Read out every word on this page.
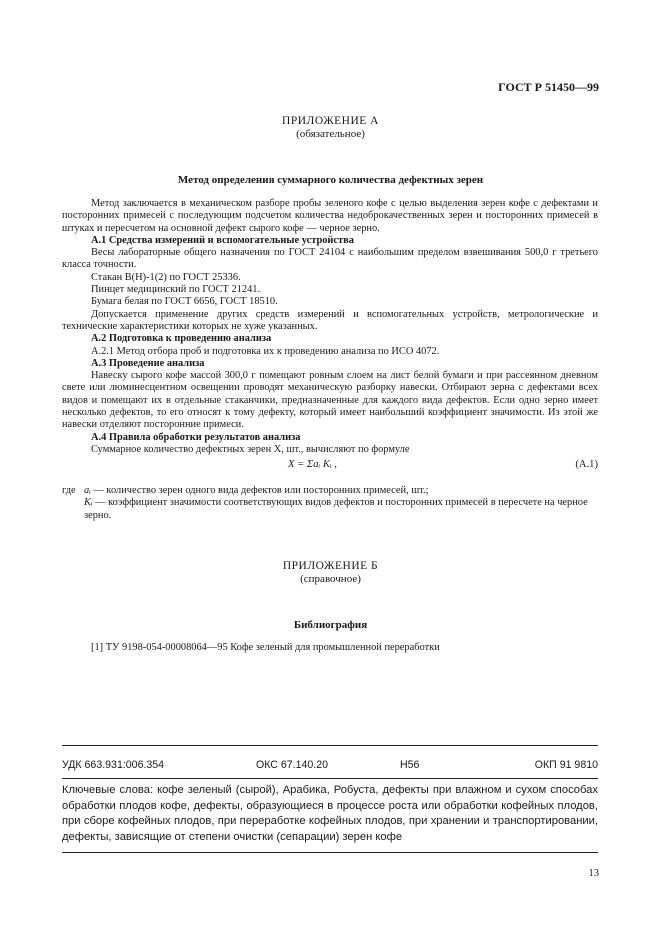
ГОСТ Р 51450—99
ПРИЛОЖЕНИЕ А
(обязательное)
Метод определения суммарного количества дефектных зерен

Метод заключается в механическом разборе пробы зеленого кофе с целью выделения зерен кофе с дефектами и посторонних примесей с последующим подсчетом количества недоброкачественных зерен и посторонних примесей в штуках и пересчетом на основной дефект сырого кофе — черное зерно.

А.1 Средства измерений и вспомогательные устройства

Весы лабораторные общего назначения по ГОСТ 24104 с наибольшим пределом взвешивания 500,0 г третьего класса точности.

Стакан В(Н)-1(2) по ГОСТ 25336.

Пинцет медицинский по ГОСТ 21241.

Бумага белая по ГОСТ 6656, ГОСТ 18510.

Допускается применение других средств измерений и вспомогательных устройств, метрологические и технические характеристики которых не хуже указанных.

А.2 Подготовка к проведению анализа

А.2.1 Метод отбора проб и подготовка их к проведению анализа по ИСО 4072.

А.3 Проведение анализа

Навеску сырого кофе массой 300,0 г помещают ровным слоем на лист белой бумаги и при рассеянном дневном свете или люминесцентном освещении проводят механическую разборку навески. Отбирают зерна с дефектами всех видов и помещают их в отдельные стаканчики, предназначенные для каждого вида дефектов. Если одно зерно имеет несколько дефектов, то его относят к тому дефекту, который имеет наибольший коэффициент значимости. Из этой же навески отделяют посторонние примеси.

А.4 Правила обработки результатов анализа

Суммарное количество дефектных зерен X, шт., вычисляют по формуле

X = Σaᵢ Kᵢ ,	(А.1)
где aᵢ — количество зерен одного вида дефектов или посторонних примесей, шт.;
Kᵢ — коэффициент значимости соответствующих видов дефектов и посторонних примесей в пересчете на черное зерно.
ПРИЛОЖЕНИЕ Б
(справочное)
Библиография
[1] ТУ 9198-054-00008064—95 Кофе зеленый для промышленной переработки
УДК 663.931:006.354	ОКС 67.140.20	Н56	ОКП 91 9810
Ключевые слова: кофе зеленый (сырой), Арабика, Робуста, дефекты при влажном и сухом способах обработки плодов кофе, дефекты, образующиеся в процессе роста или обработки кофейных плодов, при сборе кофейных плодов, при переработке кофейных плодов, при хранении и транспортировании, дефекты, зависящие от степени очистки (сепарации) зерен кофе
13
